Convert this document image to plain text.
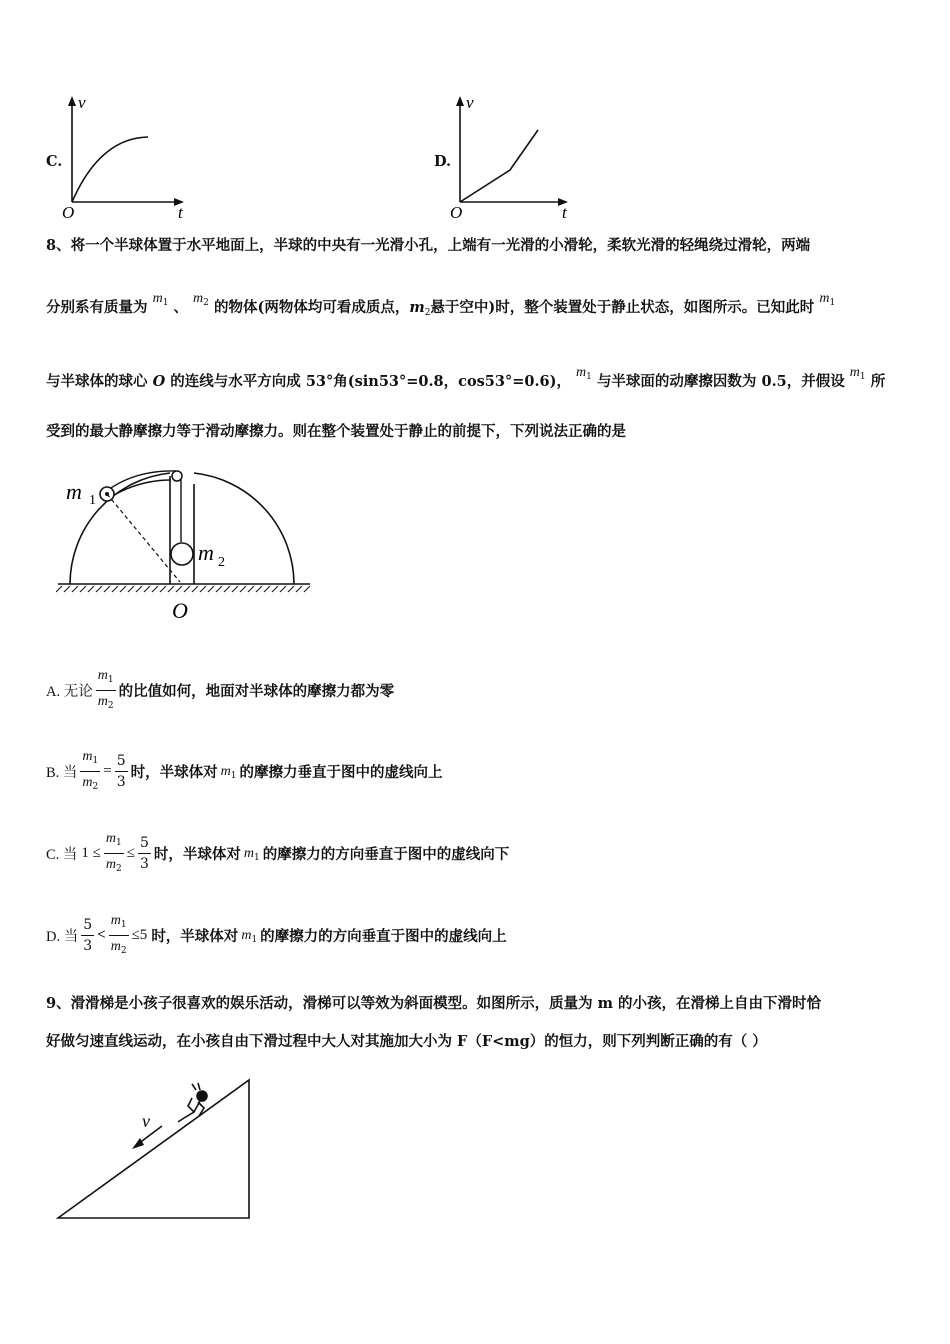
C.
v
t
O
D.
v
t
O
8、将一个半球体置于水平地面上，半球的中央有一光滑小孔，上端有一光滑的小滑轮，柔软光滑的轻绳绕过滑轮，两端
分别系有质量为 $m_1$ 、 $m_2$ 的物体(两物体均可看成质点，$m_2$悬于空中)时，整个装置处于静止状态，如图所示。已知此时 $m_1$
与半球体的球心 O 的连线与水平方向成 53°角(sin53°=0.8，cos53°=0.6)， $m_1$ 与半球面的动摩擦因数为 0.5，并假设 $m_1$ 所
受到的最大静摩擦力等于滑动摩擦力。则在整个装置处于静止的前提下，下列说法正确的是
m 1
m 2
O
A. 无论 $\frac{m_1}{m_2}$ 的比值如何，地面对半球体的摩擦力都为零
B. 当 $\frac{m_1}{m_2} = \frac{5}{3}$ 时，半球体对 $m_1$ 的摩擦力垂直于图中的虚线向上
C. 当 $1 \le \frac{m_1}{m_2} \le \frac{5}{3}$ 时，半球体对 $m_1$ 的摩擦力的方向垂直于图中的虚线向下
D. 当 $\frac{5}{3} < \frac{m_1}{m_2} \le 5$ 时，半球体对 $m_1$ 的摩擦力的方向垂直于图中的虚线向上
9、滑滑梯是小孩子很喜欢的娱乐活动，滑梯可以等效为斜面模型。如图所示，质量为 m 的小孩，在滑梯上自由下滑时恰
好做匀速直线运动，在小孩自由下滑过程中大人对其施加大小为 F（F<mg）的恒力，则下列判断正确的有（ ）
v
